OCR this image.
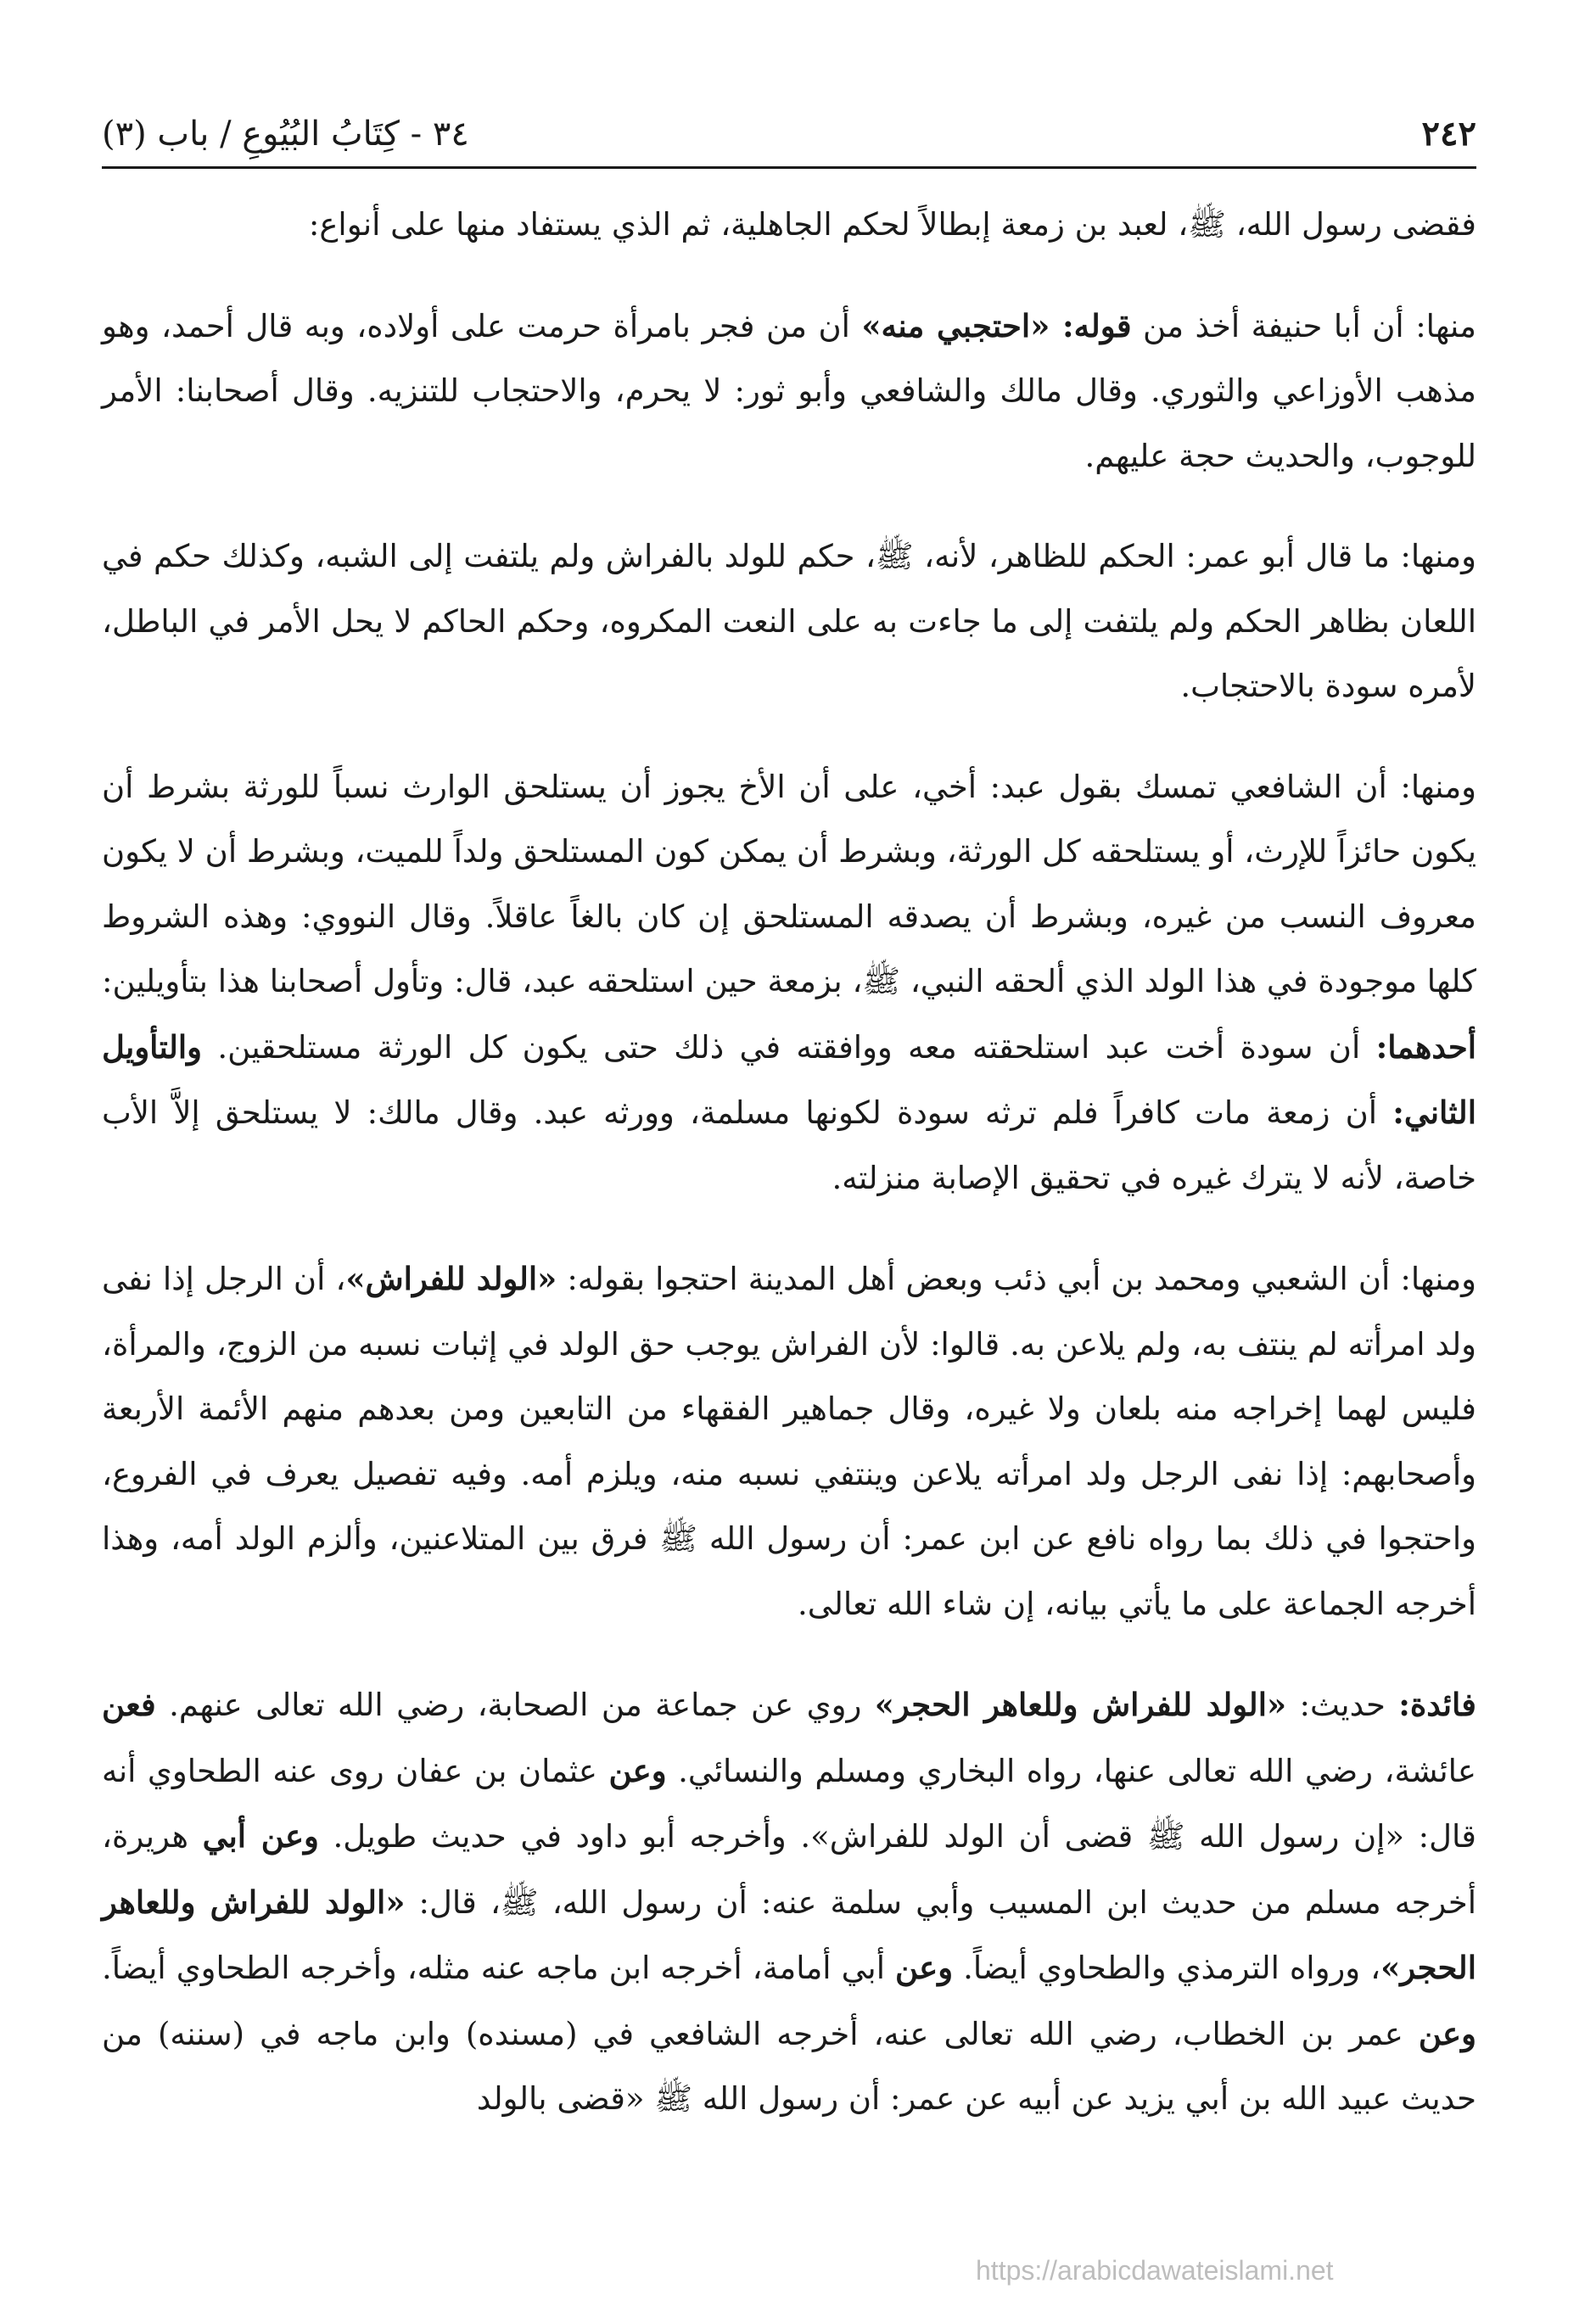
٢٤٢
٣٤ - كِتَابُ البُيُوعِ / باب (٣)

فقضى رسول الله، ﷺ، لعبد بن زمعة إبطالاً لحكم الجاهلية، ثم الذي يستفاد منها على أنواع:

منها: أن أبا حنيفة أخذ من قوله: «احتجبي منه» أن من فجر بامرأة حرمت على أولاده، وبه قال أحمد، وهو مذهب الأوزاعي والثوري. وقال مالك والشافعي وأبو ثور: لا يحرم، والاحتجاب للتنزيه. وقال أصحابنا: الأمر للوجوب، والحديث حجة عليهم.

ومنها: ما قال أبو عمر: الحكم للظاهر، لأنه، ﷺ، حكم للولد بالفراش ولم يلتفت إلى الشبه، وكذلك حكم في اللعان بظاهر الحكم ولم يلتفت إلى ما جاءت به على النعت المكروه، وحكم الحاكم لا يحل الأمر في الباطل، لأمره سودة بالاحتجاب.

ومنها: أن الشافعي تمسك بقول عبد: أخي، على أن الأخ يجوز أن يستلحق الوارث نسباً للورثة بشرط أن يكون حائزاً للإرث، أو يستلحقه كل الورثة، وبشرط أن يمكن كون المستلحق ولداً للميت، وبشرط أن لا يكون معروف النسب من غيره، وبشرط أن يصدقه المستلحق إن كان بالغاً عاقلاً. وقال النووي: وهذه الشروط كلها موجودة في هذا الولد الذي ألحقه النبي، ﷺ، بزمعة حين استلحقه عبد، قال: وتأول أصحابنا هذا بتأويلين: أحدهما: أن سودة أخت عبد استلحقته معه ووافقته في ذلك حتى يكون كل الورثة مستلحقين. والتأويل الثاني: أن زمعة مات كافراً فلم ترثه سودة لكونها مسلمة، وورثه عبد. وقال مالك: لا يستلحق إلاَّ الأب خاصة، لأنه لا يترك غيره في تحقيق الإصابة منزلته.

ومنها: أن الشعبي ومحمد بن أبي ذئب وبعض أهل المدينة احتجوا بقوله: «الولد للفراش»، أن الرجل إذا نفى ولد امرأته لم ينتف به، ولم يلاعن به. قالوا: لأن الفراش يوجب حق الولد في إثبات نسبه من الزوج، والمرأة، فليس لهما إخراجه منه بلعان ولا غيره، وقال جماهير الفقهاء من التابعين ومن بعدهم منهم الأئمة الأربعة وأصحابهم: إذا نفى الرجل ولد امرأته يلاعن وينتفي نسبه منه، ويلزم أمه. وفيه تفصيل يعرف في الفروع، واحتجوا في ذلك بما رواه نافع عن ابن عمر: أن رسول الله ﷺ فرق بين المتلاعنين، وألزم الولد أمه، وهذا أخرجه الجماعة على ما يأتي بيانه، إن شاء الله تعالى.

فائدة: حديث: «الولد للفراش وللعاهر الحجر» روي عن جماعة من الصحابة، رضي الله تعالى عنهم. فعن عائشة، رضي الله تعالى عنها، رواه البخاري ومسلم والنسائي. وعن عثمان بن عفان روى عنه الطحاوي أنه قال: «إن رسول الله ﷺ قضى أن الولد للفراش». وأخرجه أبو داود في حديث طويل. وعن أبي هريرة، أخرجه مسلم من حديث ابن المسيب وأبي سلمة عنه: أن رسول الله، ﷺ، قال: «الولد للفراش وللعاهر الحجر»، ورواه الترمذي والطحاوي أيضاً. وعن أبي أمامة، أخرجه ابن ماجه عنه مثله، وأخرجه الطحاوي أيضاً. وعن عمر بن الخطاب، رضي الله تعالى عنه، أخرجه الشافعي في (مسنده) وابن ماجه في (سننه) من حديث عبيد الله بن أبي يزيد عن أبيه عن عمر: أن رسول الله ﷺ «قضى بالولد

https://arabicdawateislami.net
